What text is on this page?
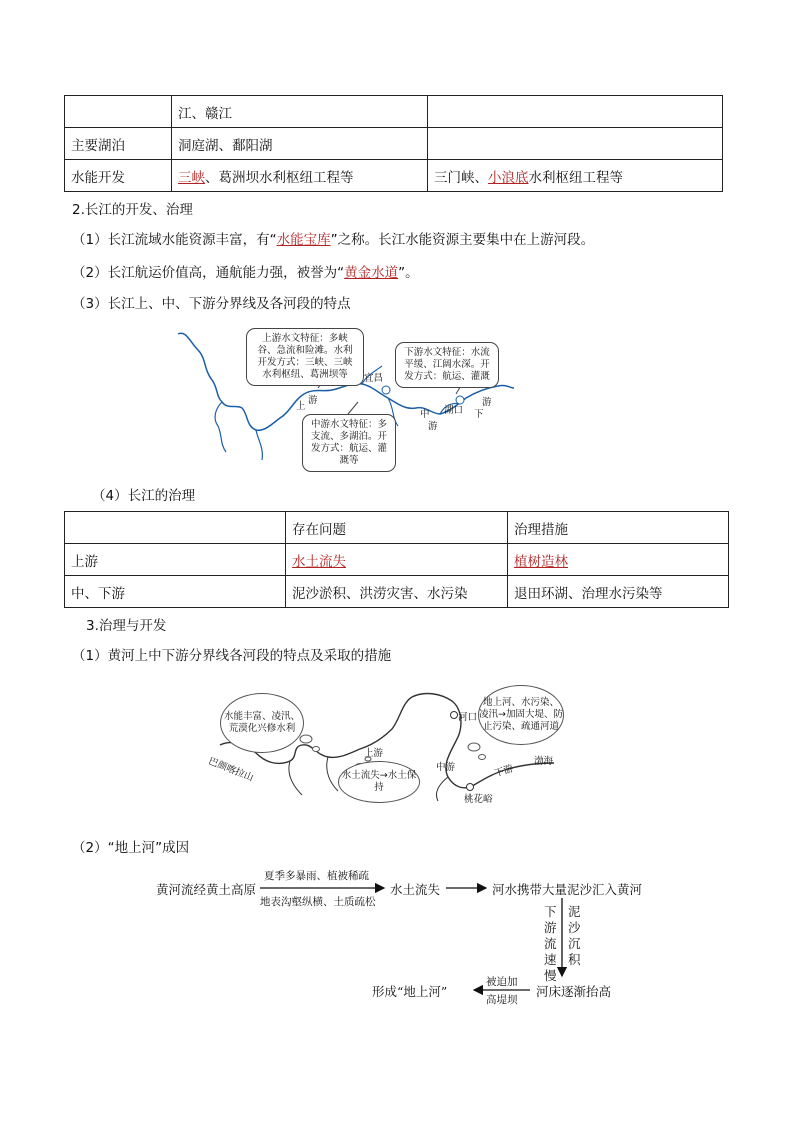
	江、赣江	
主要湖泊	洞庭湖、鄱阳湖	
水能开发	三峡、葛洲坝水利枢纽工程等	三门峡、小浪底水利枢纽工程等
2.长江的开发、治理
（1）长江流域水能资源丰富，有“水能宝库”之称。长江水能资源主要集中在上游河段。
（2）长江航运价值高，通航能力强，被誉为“黄金水道”。
（3）长江上、中、下游分界线及各河段的特点
上游水文特征：多峡谷、急流和险滩。水利开发方式：三峡、三峡水利枢纽、葛洲坝等
下游水文特征：水流平缓、江阔水深。开发方式：航运、灌溉
中游水文特征：多支流、多湖泊。开发方式：航运、灌溉等
宜昌
湖口
上
游
中
游
下
游
（4）长江的治理
	存在问题	治理措施
上游	水土流失	植树造林
中、下游	泥沙淤积、洪涝灾害、水污染	退田环湖、治理水污染等
3.治理与开发
（1）黄河上中下游分界线各河段的特点及采取的措施
水能丰富、凌汛、荒漠化兴修水利
水土流失→水土保持
地上河、水污染、凌汛→加固大堤、防止污染、疏通河道
巴颜喀拉山
上游
河口
中游	下游
桃花峪
渤海
（2）“地上河”成因
黄河流经黄土高原
夏季多暴雨、植被稀疏
地表沟壑纵横、土质疏松
水土流失	河水携带大量泥沙汇入黄河
下游流速慢
泥沙沉积
河床逐渐抬高
被迫加
高堤坝
形成“地上河”
